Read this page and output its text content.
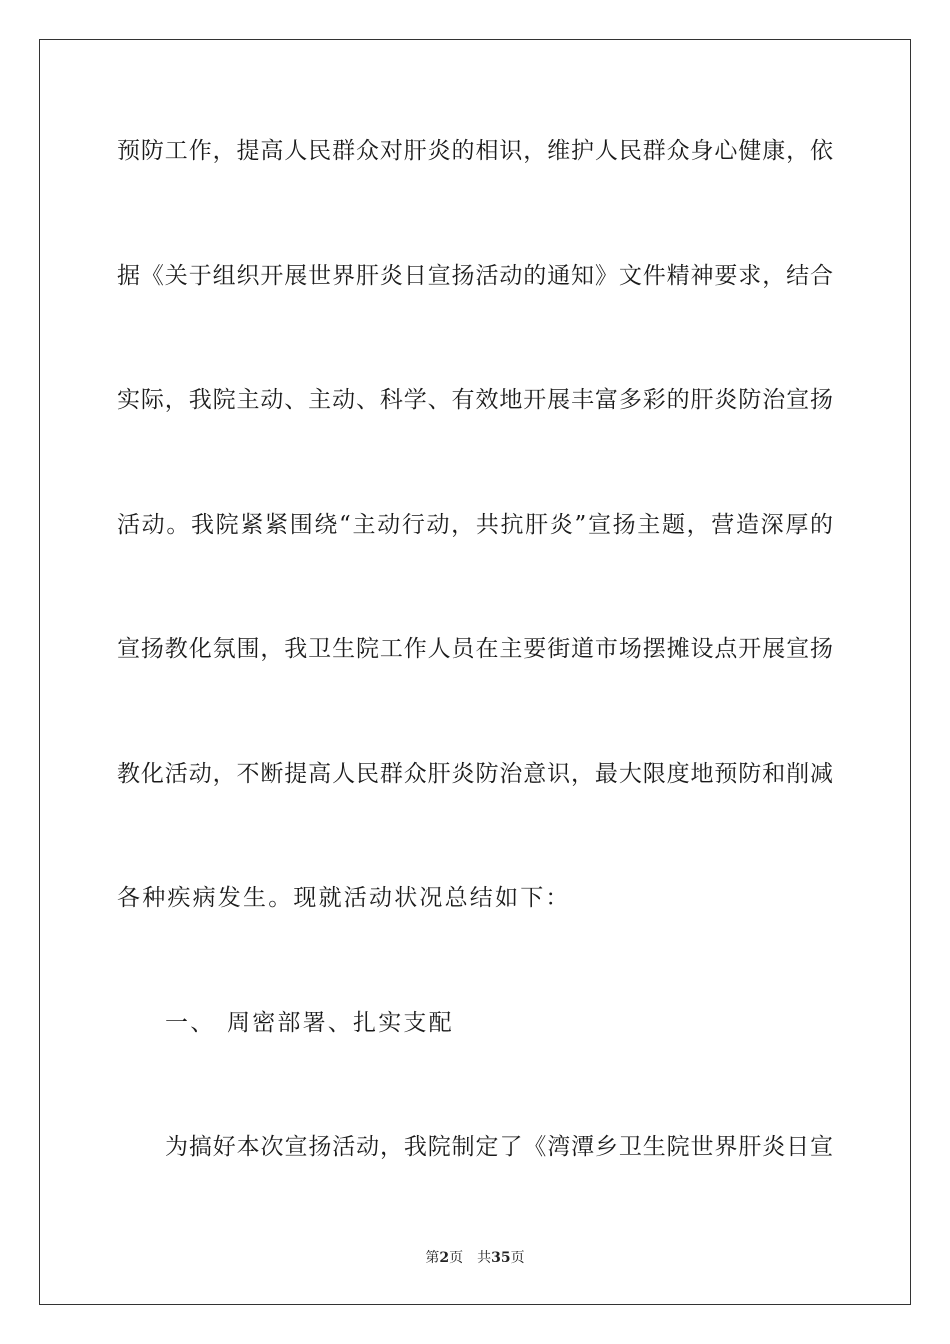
预防工作，提高人民群众对肝炎的相识，维护人民群众身心健康，依
据《关于组织开展世界肝炎日宣扬活动的通知》文件精神要求，结合
实际，我院主动、主动、科学、有效地开展丰富多彩的肝炎防治宣扬
活动。我院紧紧围绕“主动行动，共抗肝炎”宣扬主题，营造深厚的
宣扬教化氛围，我卫生院工作人员在主要街道市场摆摊设点开展宣扬
教化活动，不断提高人民群众肝炎防治意识，最大限度地预防和削减
各种疾病发生。现就活动状况总结如下：
一、 周密部署、扎实支配
为搞好本次宣扬活动，我院制定了《湾潭乡卫生院世界肝炎日宣
第2页 共35页
